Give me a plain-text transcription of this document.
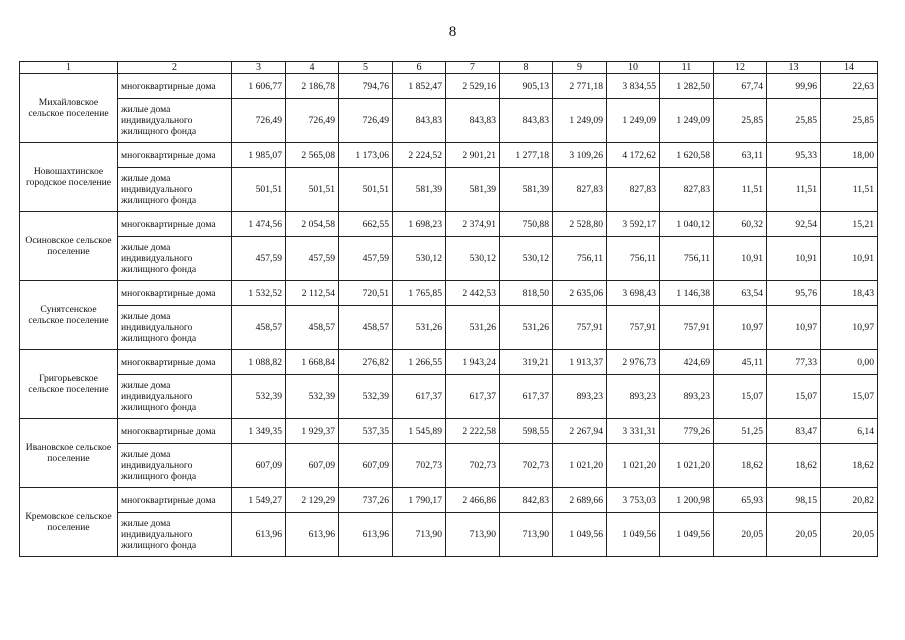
8
1	2	3	4	5	6	7	8	9	10	11	12	13	14
Михайловское сельское поселение	многоквартирные дома	1 606,77	2 186,78	794,76	1 852,47	2 529,16	905,13	2 771,18	3 834,55	1 282,50	67,74	99,96	22,63
	жилые дома индивидуального жилищного фонда	726,49	726,49	726,49	843,83	843,83	843,83	1 249,09	1 249,09	1 249,09	25,85	25,85	25,85
Новошахтинское городское поселение	многоквартирные дома	1 985,07	2 565,08	1 173,06	2 224,52	2 901,21	1 277,18	3 109,26	4 172,62	1 620,58	63,11	95,33	18,00
	жилые дома индивидуального жилищного фонда	501,51	501,51	501,51	581,39	581,39	581,39	827,83	827,83	827,83	11,51	11,51	11,51
Осиновское сельское поселение	многоквартирные дома	1 474,56	2 054,58	662,55	1 698,23	2 374,91	750,88	2 528,80	3 592,17	1 040,12	60,32	92,54	15,21
	жилые дома индивидуального жилищного фонда	457,59	457,59	457,59	530,12	530,12	530,12	756,11	756,11	756,11	10,91	10,91	10,91
Сунятсенское сельское поселение	многоквартирные дома	1 532,52	2 112,54	720,51	1 765,85	2 442,53	818,50	2 635,06	3 698,43	1 146,38	63,54	95,76	18,43
	жилые дома индивидуального жилищного фонда	458,57	458,57	458,57	531,26	531,26	531,26	757,91	757,91	757,91	10,97	10,97	10,97
Григорьевское сельское поселение	многоквартирные дома	1 088,82	1 668,84	276,82	1 266,55	1 943,24	319,21	1 913,37	2 976,73	424,69	45,11	77,33	0,00
	жилые дома индивидуального жилищного фонда	532,39	532,39	532,39	617,37	617,37	617,37	893,23	893,23	893,23	15,07	15,07	15,07
Ивановское сельское поселение	многоквартирные дома	1 349,35	1 929,37	537,35	1 545,89	2 222,58	598,55	2 267,94	3 331,31	779,26	51,25	83,47	6,14
	жилые дома индивидуального жилищного фонда	607,09	607,09	607,09	702,73	702,73	702,73	1 021,20	1 021,20	1 021,20	18,62	18,62	18,62
Кремовское сельское поселение	многоквартирные дома	1 549,27	2 129,29	737,26	1 790,17	2 466,86	842,83	2 689,66	3 753,03	1 200,98	65,93	98,15	20,82
	жилые дома индивидуального жилищного фонда	613,96	613,96	613,96	713,90	713,90	713,90	1 049,56	1 049,56	1 049,56	20,05	20,05	20,05
